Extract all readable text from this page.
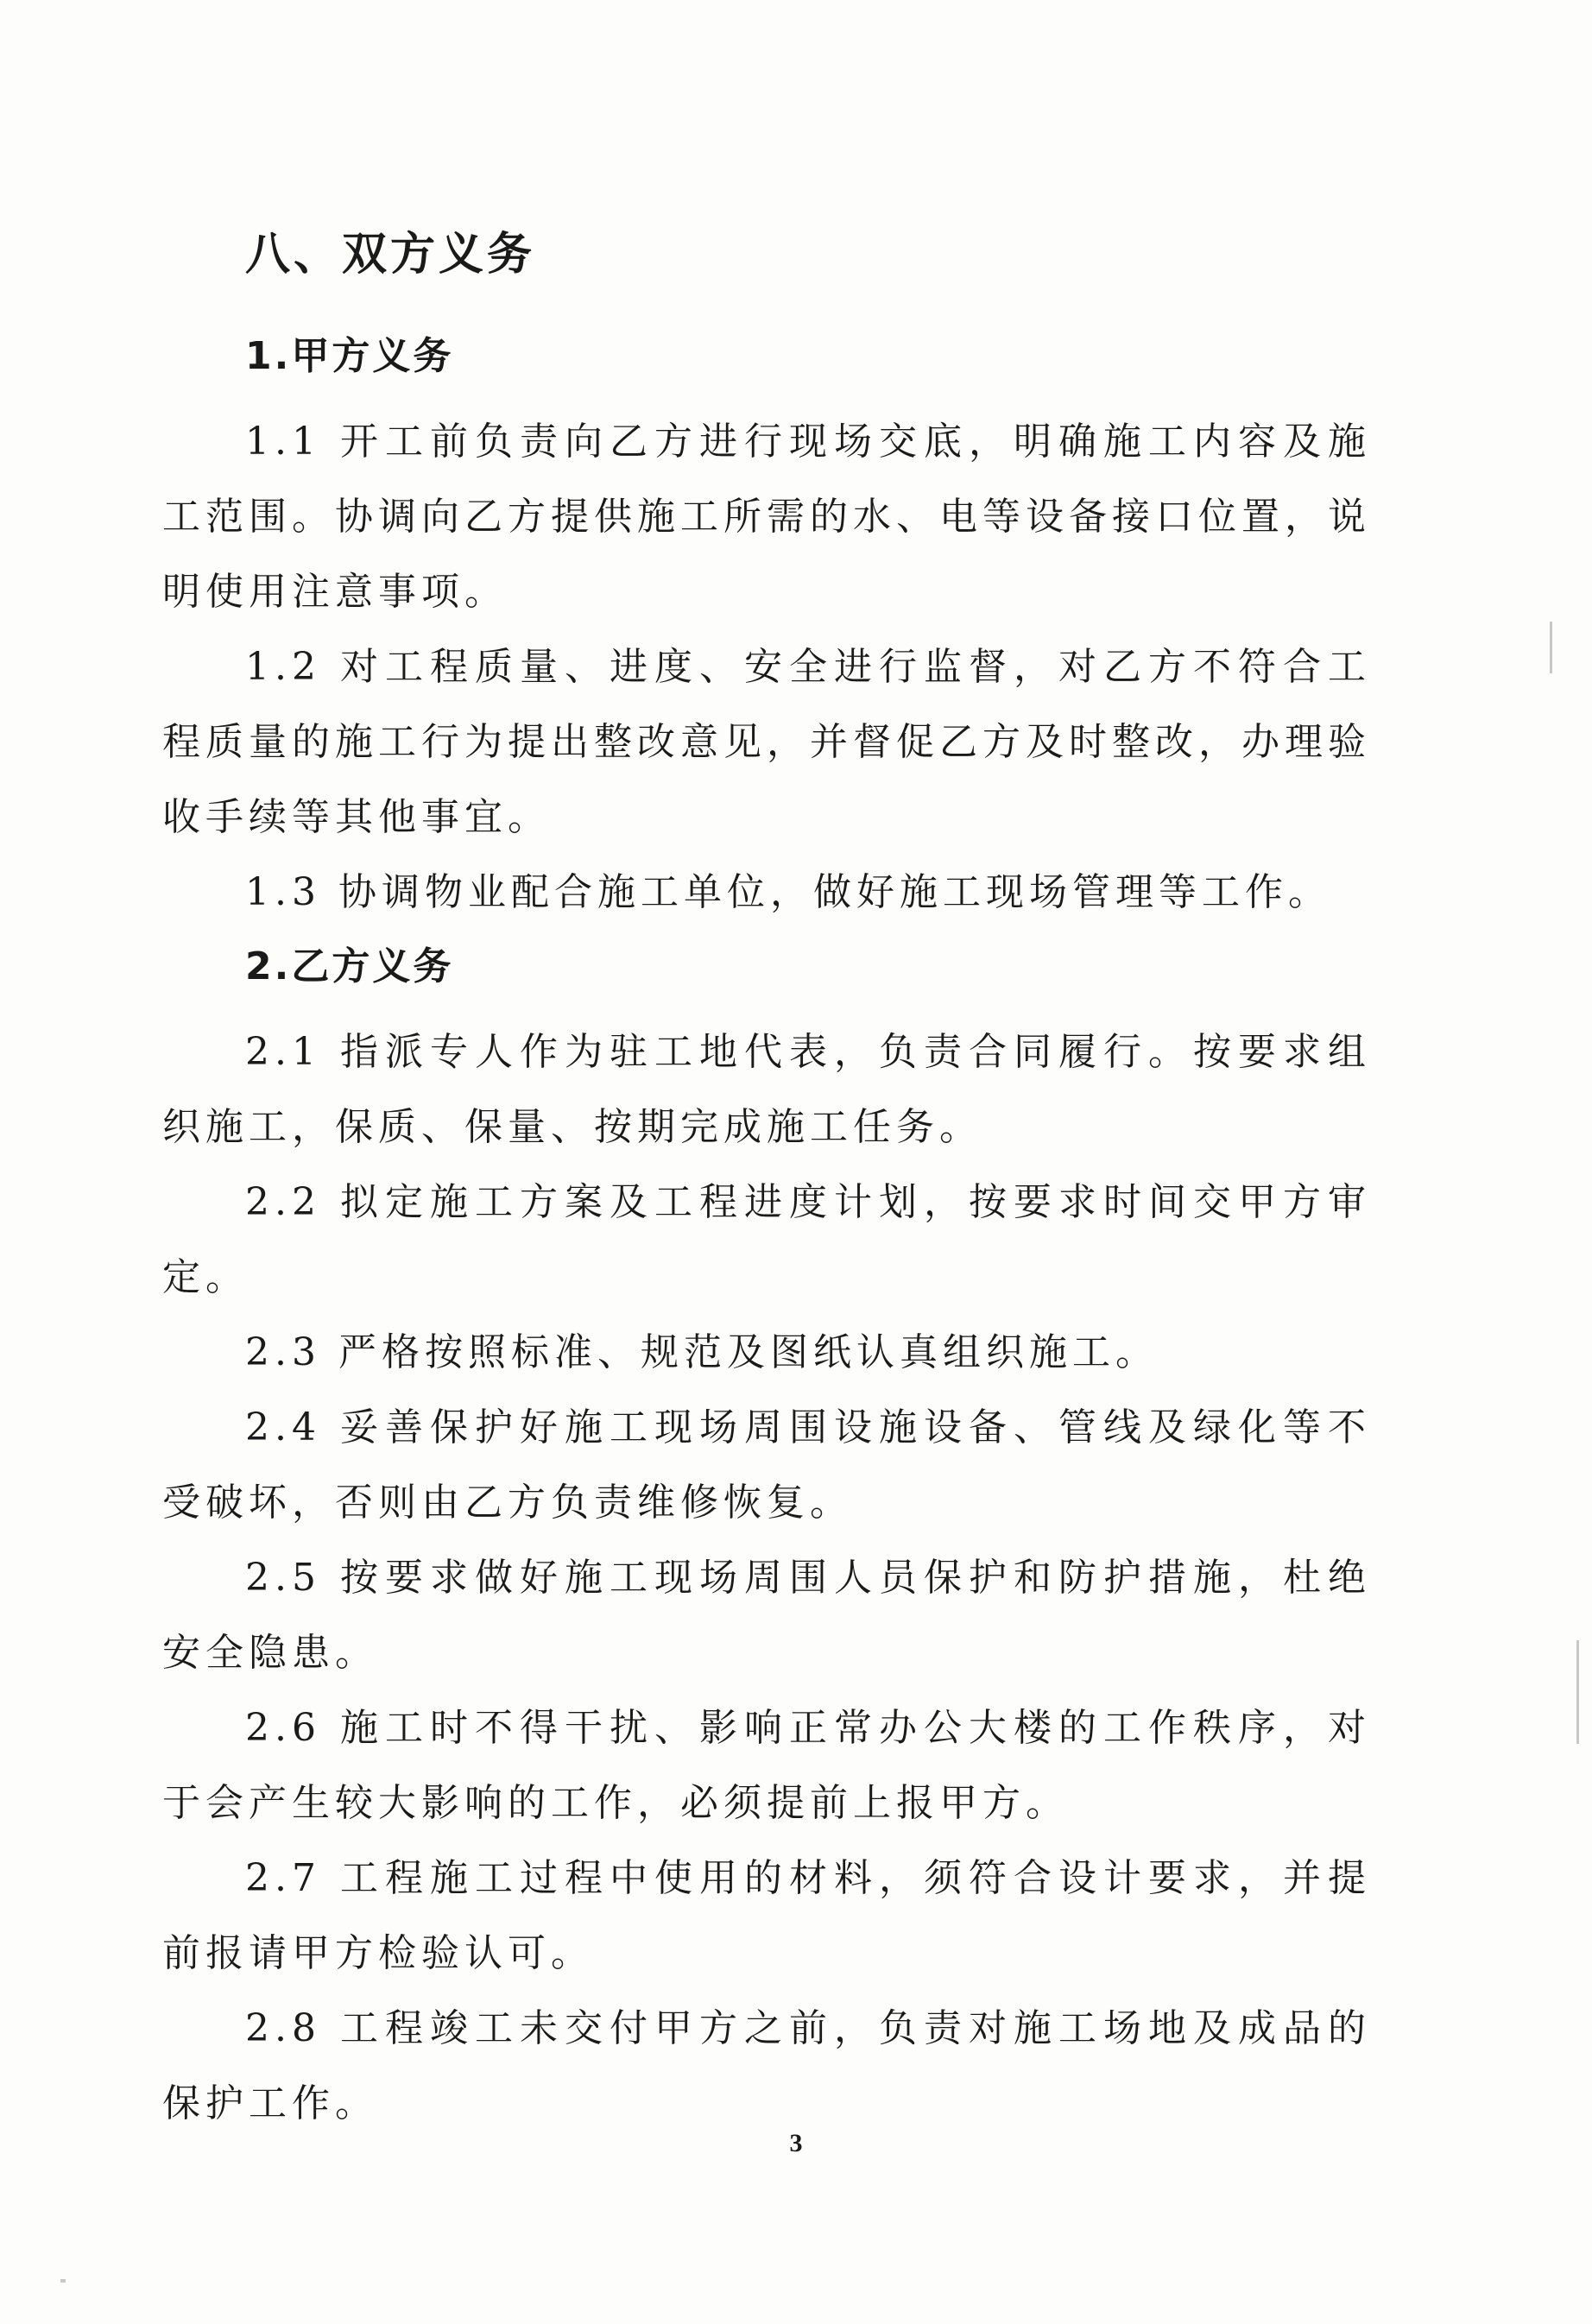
八、双方义务
1.甲方义务

1.1 开工前负责向乙方进行现场交底，明确施工内容及施工范围。协调向乙方提供施工所需的水、电等设备接口位置，说明使用注意事项。

1.2 对工程质量、进度、安全进行监督，对乙方不符合工程质量的施工行为提出整改意见，并督促乙方及时整改，办理验收手续等其他事宜。

1.3 协调物业配合施工单位，做好施工现场管理等工作。

2.乙方义务

2.1 指派专人作为驻工地代表，负责合同履行。按要求组织施工，保质、保量、按期完成施工任务。

2.2 拟定施工方案及工程进度计划，按要求时间交甲方审定。

2.3 严格按照标准、规范及图纸认真组织施工。

2.4 妥善保护好施工现场周围设施设备、管线及绿化等不受破坏，否则由乙方负责维修恢复。

2.5 按要求做好施工现场周围人员保护和防护措施，杜绝安全隐患。

2.6 施工时不得干扰、影响正常办公大楼的工作秩序，对于会产生较大影响的工作，必须提前上报甲方。

2.7 工程施工过程中使用的材料，须符合设计要求，并提前报请甲方检验认可。

2.8 工程竣工未交付甲方之前，负责对施工场地及成品的保护工作。

3
